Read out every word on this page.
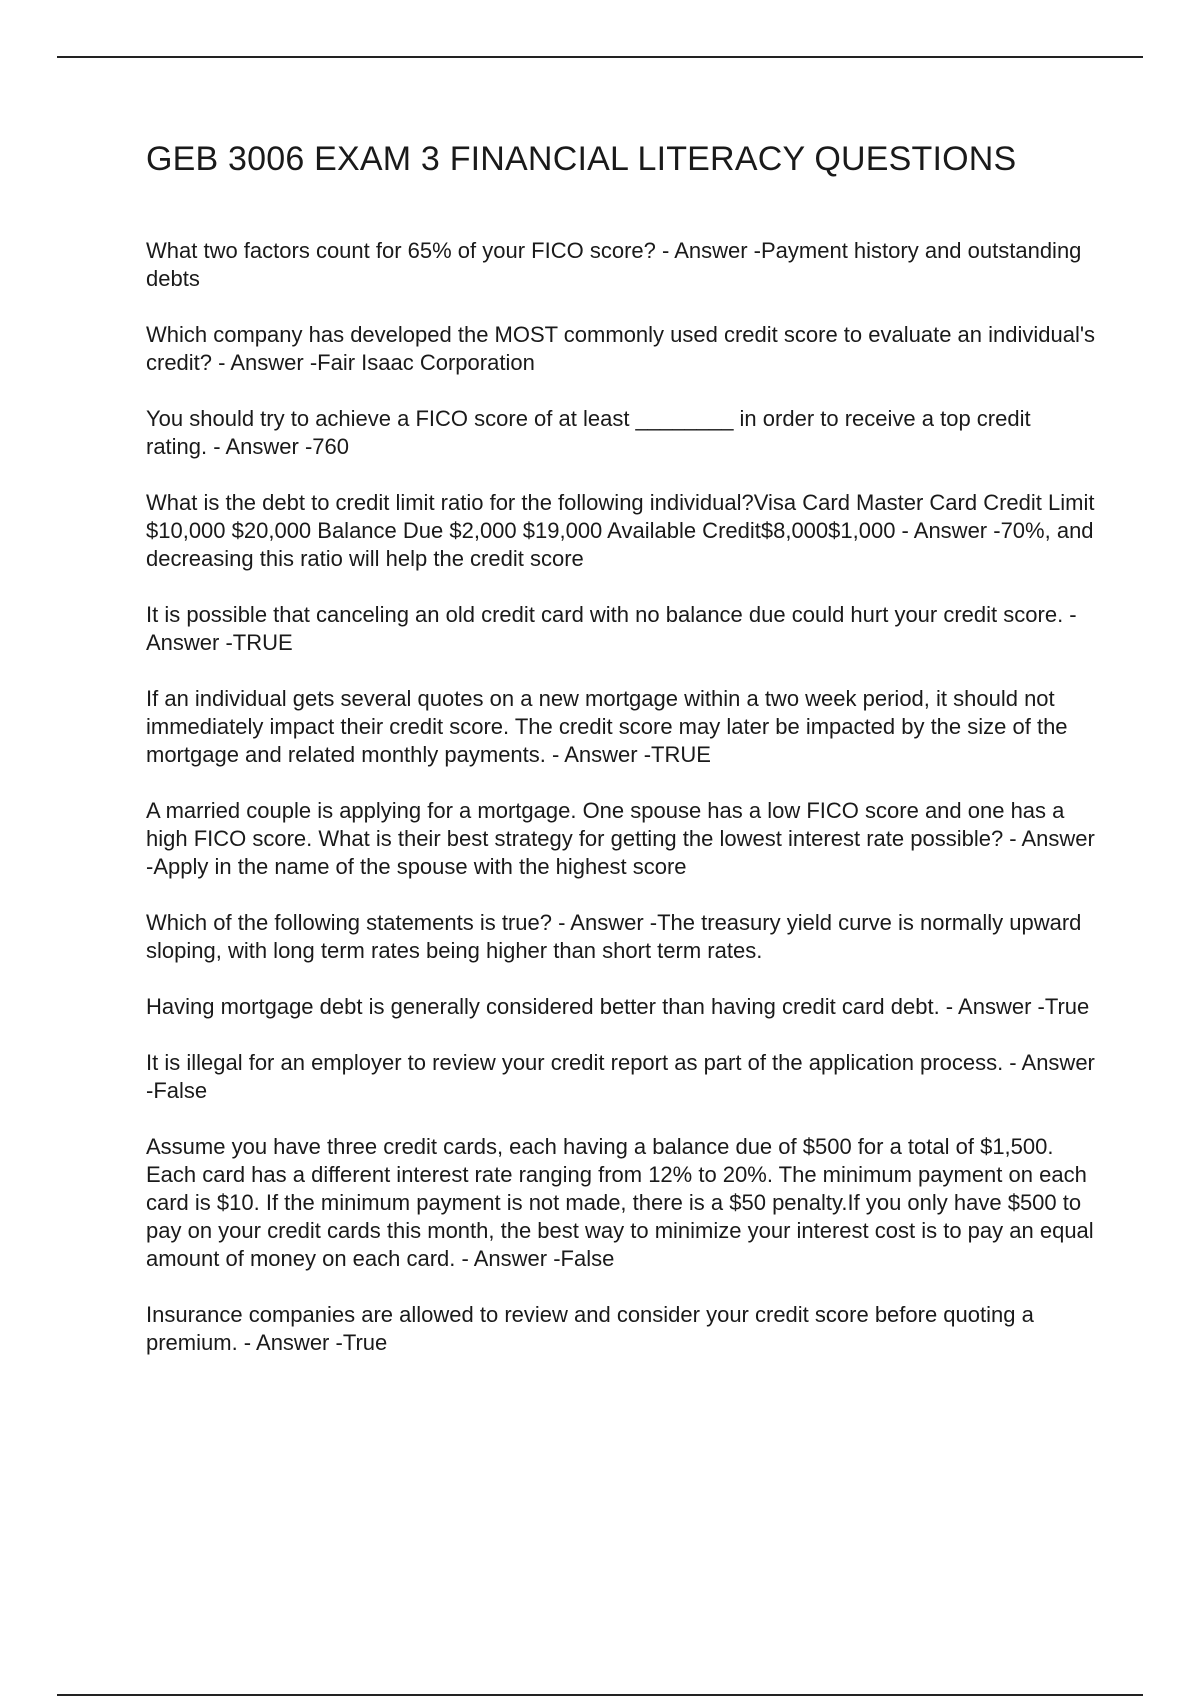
GEB 3006 EXAM 3 FINANCIAL LITERACY QUESTIONS

What two factors count for 65% of your FICO score? - Answer -Payment history and outstanding debts

Which company has developed the MOST commonly used credit score to evaluate an individual's credit? - Answer -Fair Isaac Corporation

You should try to achieve a FICO score of at least ________ in order to receive a top credit rating. - Answer -760

What is the debt to credit limit ratio for the following individual?Visa Card Master Card Credit Limit $10,000 $20,000 Balance Due $2,000 $19,000 Available Credit$8,000$1,000 - Answer -70%, and decreasing this ratio will help the credit score

It is possible that canceling an old credit card with no balance due could hurt your credit score. - Answer -TRUE

If an individual gets several quotes on a new mortgage within a two week period, it should not immediately impact their credit score. The credit score may later be impacted by the size of the mortgage and related monthly payments. - Answer -TRUE

A married couple is applying for a mortgage. One spouse has a low FICO score and one has a high FICO score. What is their best strategy for getting the lowest interest rate possible? - Answer -Apply in the name of the spouse with the highest score

Which of the following statements is true? - Answer -The treasury yield curve is normally upward sloping, with long term rates being higher than short term rates.

Having mortgage debt is generally considered better than having credit card debt. - Answer -True

It is illegal for an employer to review your credit report as part of the application process. - Answer -False

Assume you have three credit cards, each having a balance due of $500 for a total of $1,500. Each card has a different interest rate ranging from 12% to 20%. The minimum payment on each card is $10. If the minimum payment is not made, there is a $50 penalty.If you only have $500 to pay on your credit cards this month, the best way to minimize your interest cost is to pay an equal amount of money on each card. - Answer -False

Insurance companies are allowed to review and consider your credit score before quoting a premium. - Answer -True
